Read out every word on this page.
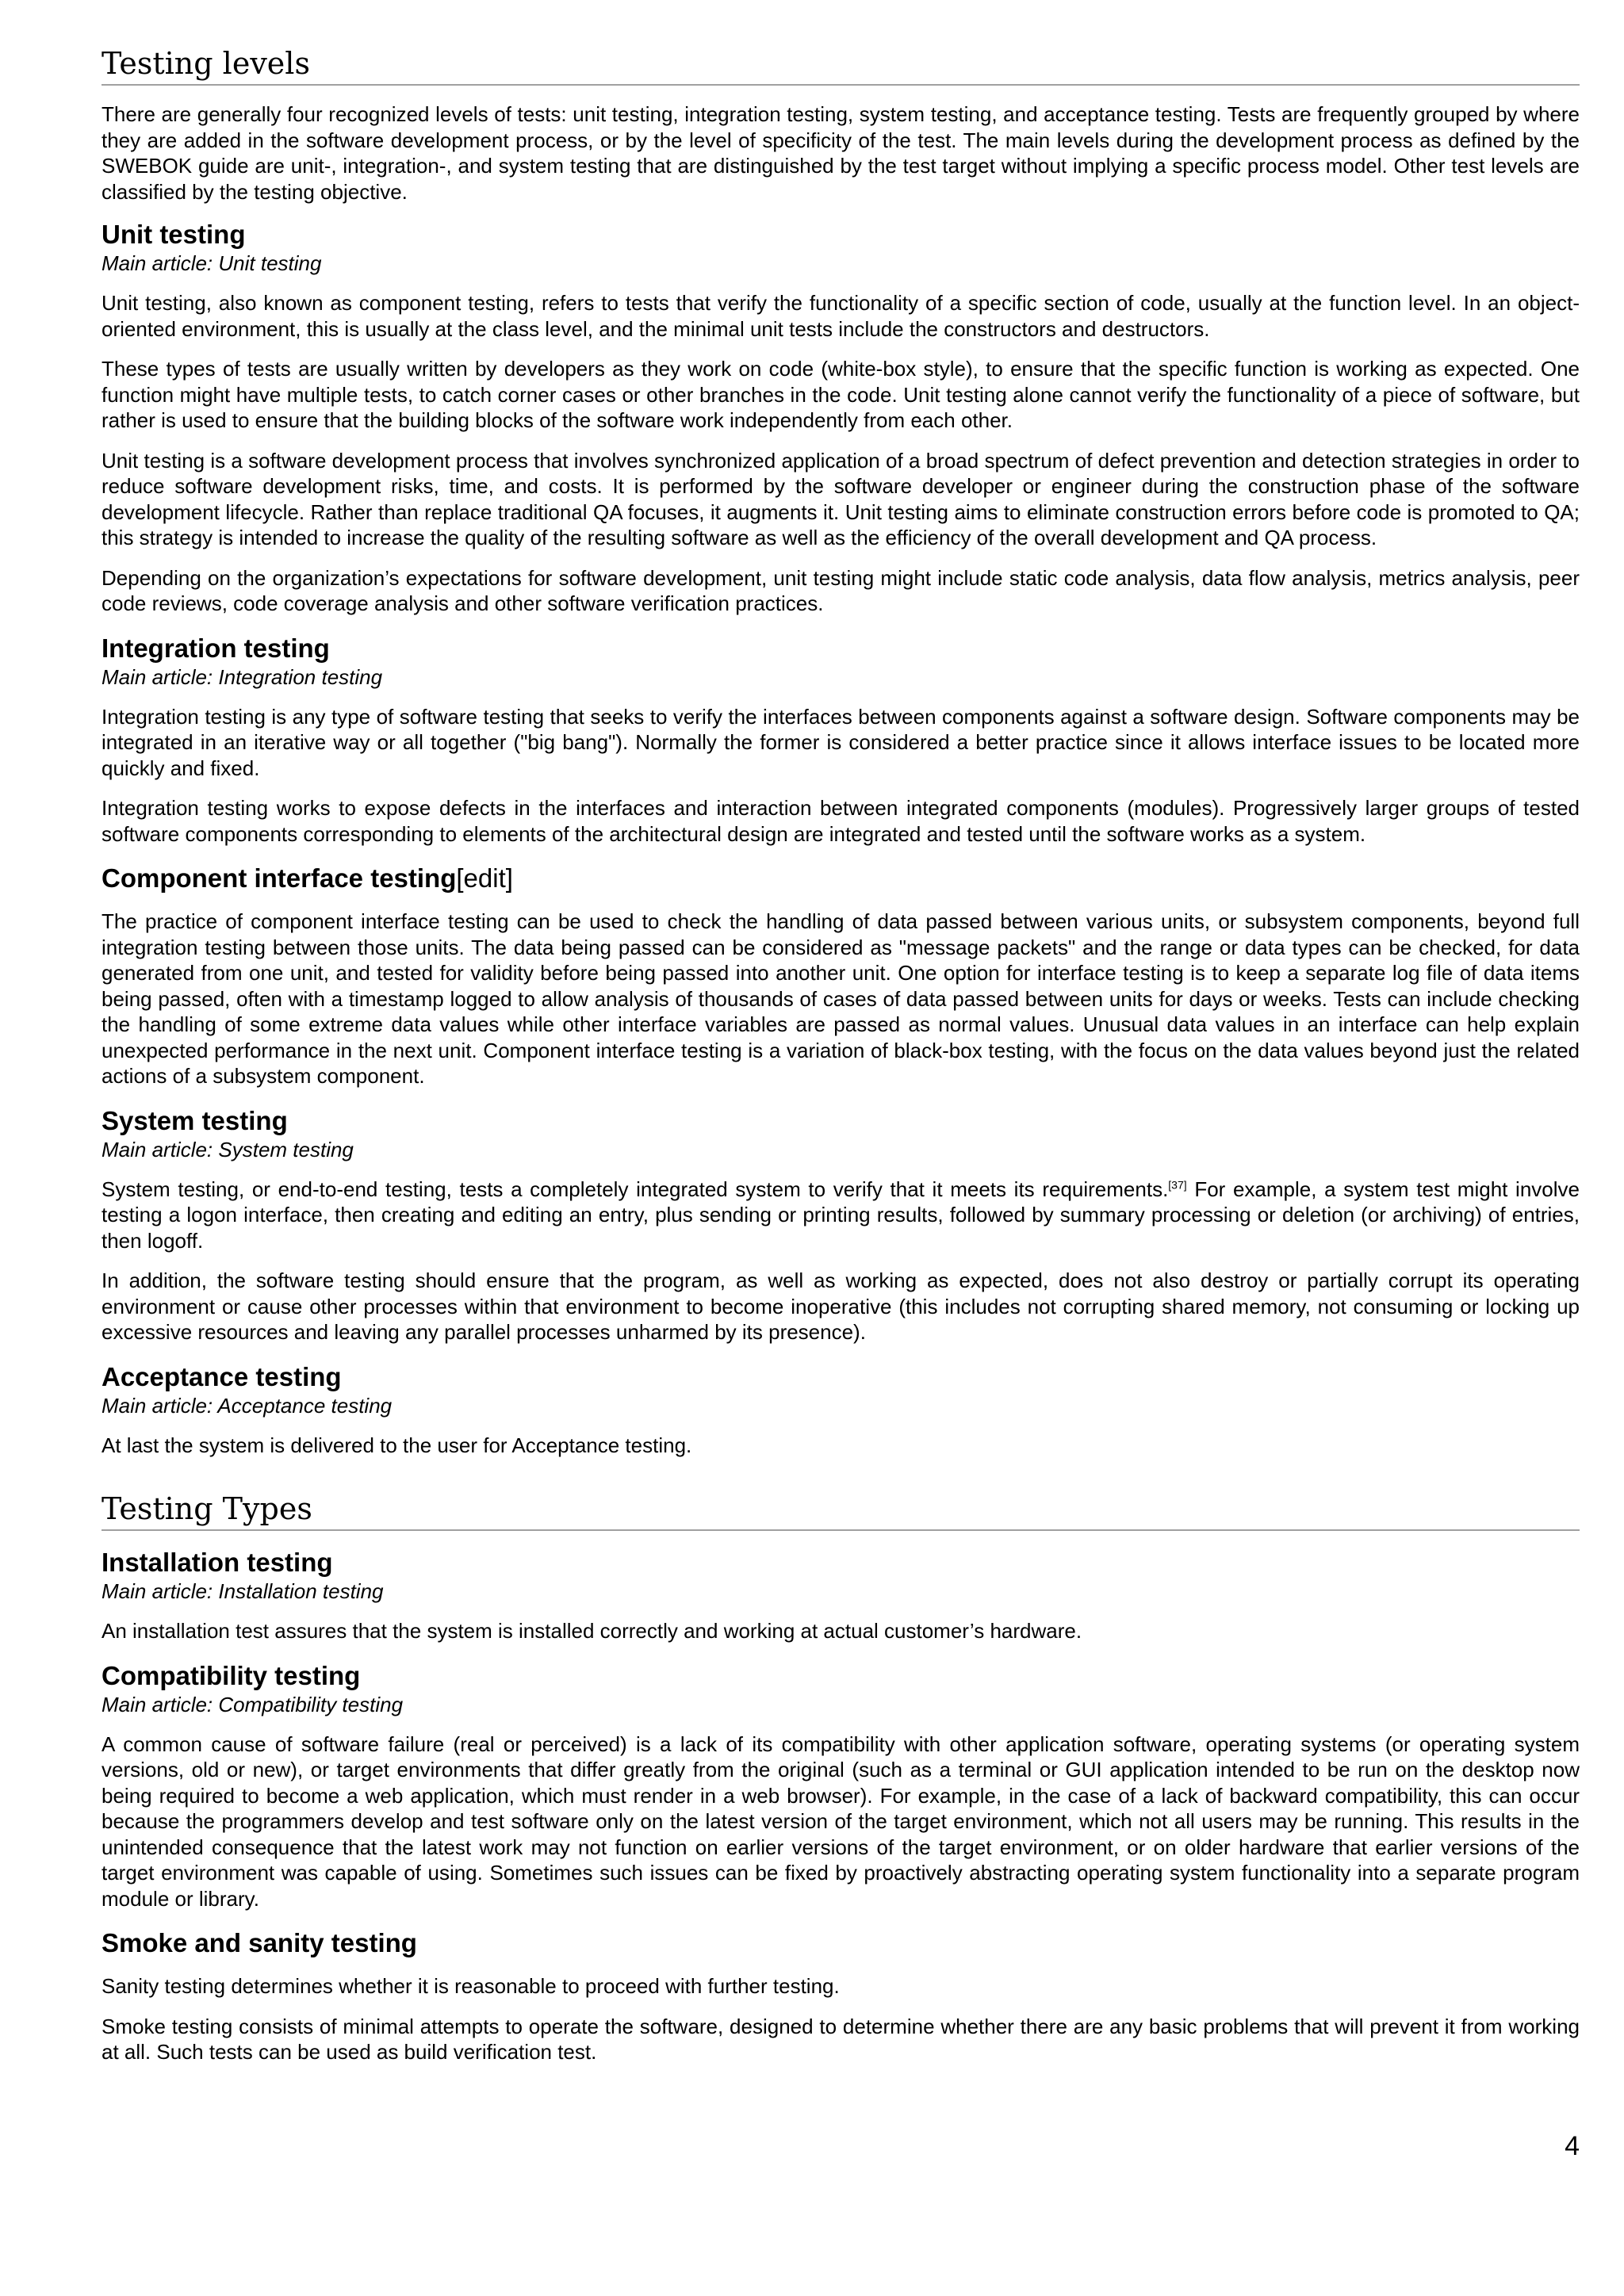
Testing levels

There are generally four recognized levels of tests: unit testing, integration testing, system testing, and acceptance testing. Tests are frequently grouped by where they are added in the software development process, or by the level of specificity of the test. The main levels during the development process as defined by the SWEBOK guide are unit-, integration-, and system testing that are distinguished by the test target without implying a specific process model. Other test levels are classified by the testing objective.

Unit testing
Main article: Unit testing

Unit testing, also known as component testing, refers to tests that verify the functionality of a specific section of code, usually at the function level. In an object-oriented environment, this is usually at the class level, and the minimal unit tests include the constructors and destructors.

These types of tests are usually written by developers as they work on code (white-box style), to ensure that the specific function is working as expected. One function might have multiple tests, to catch corner cases or other branches in the code. Unit testing alone cannot verify the functionality of a piece of software, but rather is used to ensure that the building blocks of the software work independently from each other.

Unit testing is a software development process that involves synchronized application of a broad spectrum of defect prevention and detection strategies in order to reduce software development risks, time, and costs. It is performed by the software developer or engineer during the construction phase of the software development lifecycle. Rather than replace traditional QA focuses, it augments it. Unit testing aims to eliminate construction errors before code is promoted to QA; this strategy is intended to increase the quality of the resulting software as well as the efficiency of the overall development and QA process.

Depending on the organization’s expectations for software development, unit testing might include static code analysis, data flow analysis, metrics analysis, peer code reviews, code coverage analysis and other software verification practices.

Integration testing
Main article: Integration testing

Integration testing is any type of software testing that seeks to verify the interfaces between components against a software design. Software components may be integrated in an iterative way or all together ("big bang"). Normally the former is considered a better practice since it allows interface issues to be located more quickly and fixed.

Integration testing works to expose defects in the interfaces and interaction between integrated components (modules). Progressively larger groups of tested software components corresponding to elements of the architectural design are integrated and tested until the software works as a system.

Component interface testing[edit]

The practice of component interface testing can be used to check the handling of data passed between various units, or subsystem components, beyond full integration testing between those units. The data being passed can be considered as "message packets" and the range or data types can be checked, for data generated from one unit, and tested for validity before being passed into another unit. One option for interface testing is to keep a separate log file of data items being passed, often with a timestamp logged to allow analysis of thousands of cases of data passed between units for days or weeks. Tests can include checking the handling of some extreme data values while other interface variables are passed as normal values. Unusual data values in an interface can help explain unexpected performance in the next unit. Component interface testing is a variation of black-box testing, with the focus on the data values beyond just the related actions of a subsystem component.

System testing
Main article: System testing

System testing, or end-to-end testing, tests a completely integrated system to verify that it meets its requirements.[37] For example, a system test might involve testing a logon interface, then creating and editing an entry, plus sending or printing results, followed by summary processing or deletion (or archiving) of entries, then logoff.

In addition, the software testing should ensure that the program, as well as working as expected, does not also destroy or partially corrupt its operating environment or cause other processes within that environment to become inoperative (this includes not corrupting shared memory, not consuming or locking up excessive resources and leaving any parallel processes unharmed by its presence).

Acceptance testing
Main article: Acceptance testing

At last the system is delivered to the user for Acceptance testing.

Testing Types
Installation testing
Main article: Installation testing

An installation test assures that the system is installed correctly and working at actual customer’s hardware.

Compatibility testing
Main article: Compatibility testing

A common cause of software failure (real or perceived) is a lack of its compatibility with other application software, operating systems (or operating system versions, old or new), or target environments that differ greatly from the original (such as a terminal or GUI application intended to be run on the desktop now being required to become a web application, which must render in a web browser). For example, in the case of a lack of backward compatibility, this can occur because the programmers develop and test software only on the latest version of the target environment, which not all users may be running. This results in the unintended consequence that the latest work may not function on earlier versions of the target environment, or on older hardware that earlier versions of the target environment was capable of using. Sometimes such issues can be fixed by proactively abstracting operating system functionality into a separate program module or library.

Smoke and sanity testing

Sanity testing determines whether it is reasonable to proceed with further testing.

Smoke testing consists of minimal attempts to operate the software, designed to determine whether there are any basic problems that will prevent it from working at all. Such tests can be used as build verification test.

4
